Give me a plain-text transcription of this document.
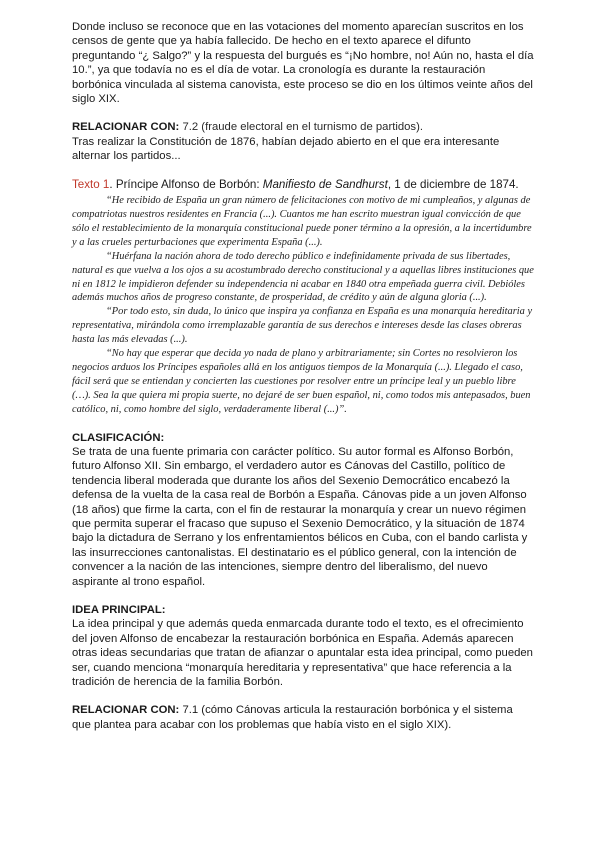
Donde incluso se reconoce que en las votaciones del momento aparecían suscritos en los censos de gente que ya había fallecido. De hecho en el texto aparece el difunto preguntando “¿ Salgo?” y la respuesta del burgués es “¡No hombre, no! Aún no, hasta el día 10.”, ya que todavía no es el día de votar. La cronología es durante la restauración borbónica vinculada al sistema canovista, este proceso se dio en los últimos veinte años del siglo XIX.

RELACIONAR CON: 7.2 (fraude electoral en el turnismo de partidos).

Tras realizar la Constitución de 1876, habían dejado abierto en el que era interesante alternar los partidos...

Texto 1. Príncipe Alfonso de Borbón: Manifiesto de Sandhurst, 1 de diciembre de 1874.

“He recibido de España un gran número de felicitaciones con motivo de mi cumpleaños, y algunas de compatriotas nuestros residentes en Francia (...). Cuantos me han escrito muestran igual convicción de que sólo el restablecimiento de la monarquía constitucional puede poner término a la opresión, a la incertidumbre y a las crueles perturbaciones que experimenta España (...).

“Huérfana la nación ahora de todo derecho público e indefinidamente privada de sus libertades, natural es que vuelva a los ojos a su acostumbrado derecho constitucional y a aquellas libres instituciones que ni en 1812 le impidieron defender su independencia ni acabar en 1840 otra empeñada guerra civil. Debióles además muchos años de progreso constante, de prosperidad, de crédito y aún de alguna gloria (...).

“Por todo esto, sin duda, lo único que inspira ya confianza en España es una monarquía hereditaria y representativa, mirándola como irremplazable garantía de sus derechos e intereses desde las clases obreras hasta las más elevadas (...).

“No hay que esperar que decida yo nada de plano y arbitrariamente; sin Cortes no resolvieron los negocios arduos los Príncipes españoles allá en los antiguos tiempos de la Monarquía (...). Llegado el caso, fácil será que se entiendan y concierten las cuestiones por resolver entre un príncipe leal y un pueblo libre (…). Sea la que quiera mi propia suerte, no dejaré de ser buen español, ni, como todos mis antepasados, buen católico, ni, como hombre del siglo, verdaderamente liberal (...)”.

CLASIFICACIÓN:

Se trata de una fuente primaria con carácter político. Su autor formal es Alfonso Borbón, futuro Alfonso XII. Sin embargo, el verdadero autor es Cánovas del Castillo, político de tendencia liberal moderada que durante los años del Sexenio Democrático encabezó la defensa de la vuelta de la casa real de Borbón a España. Cánovas pide a un joven Alfonso (18 años) que firme la carta, con el fin de restaurar la monarquía y crear un nuevo régimen que permita superar el fracaso que supuso el Sexenio Democrático, y la situación de 1874 bajo la dictadura de Serrano y los enfrentamientos bélicos en Cuba, con el bando carlista y las insurrecciones cantonalistas. El destinatario es el público general, con la intención de convencer a la nación de las intenciones, siempre dentro del liberalismo, del nuevo aspirante al trono español.

IDEA PRINCIPAL:

La idea principal y que además queda enmarcada durante todo el texto, es el ofrecimiento del joven Alfonso de encabezar la restauración borbónica en España. Además aparecen otras ideas secundarias que tratan de afianzar o apuntalar esta idea principal, como pueden ser, cuando menciona “monarquía hereditaria y representativa” que hace referencia a la tradición de herencia de la familia Borbón.

RELACIONAR CON: 7.1 (cómo Cánovas articula la restauración borbónica y el sistema que plantea para acabar con los problemas que había visto en el siglo XIX).
